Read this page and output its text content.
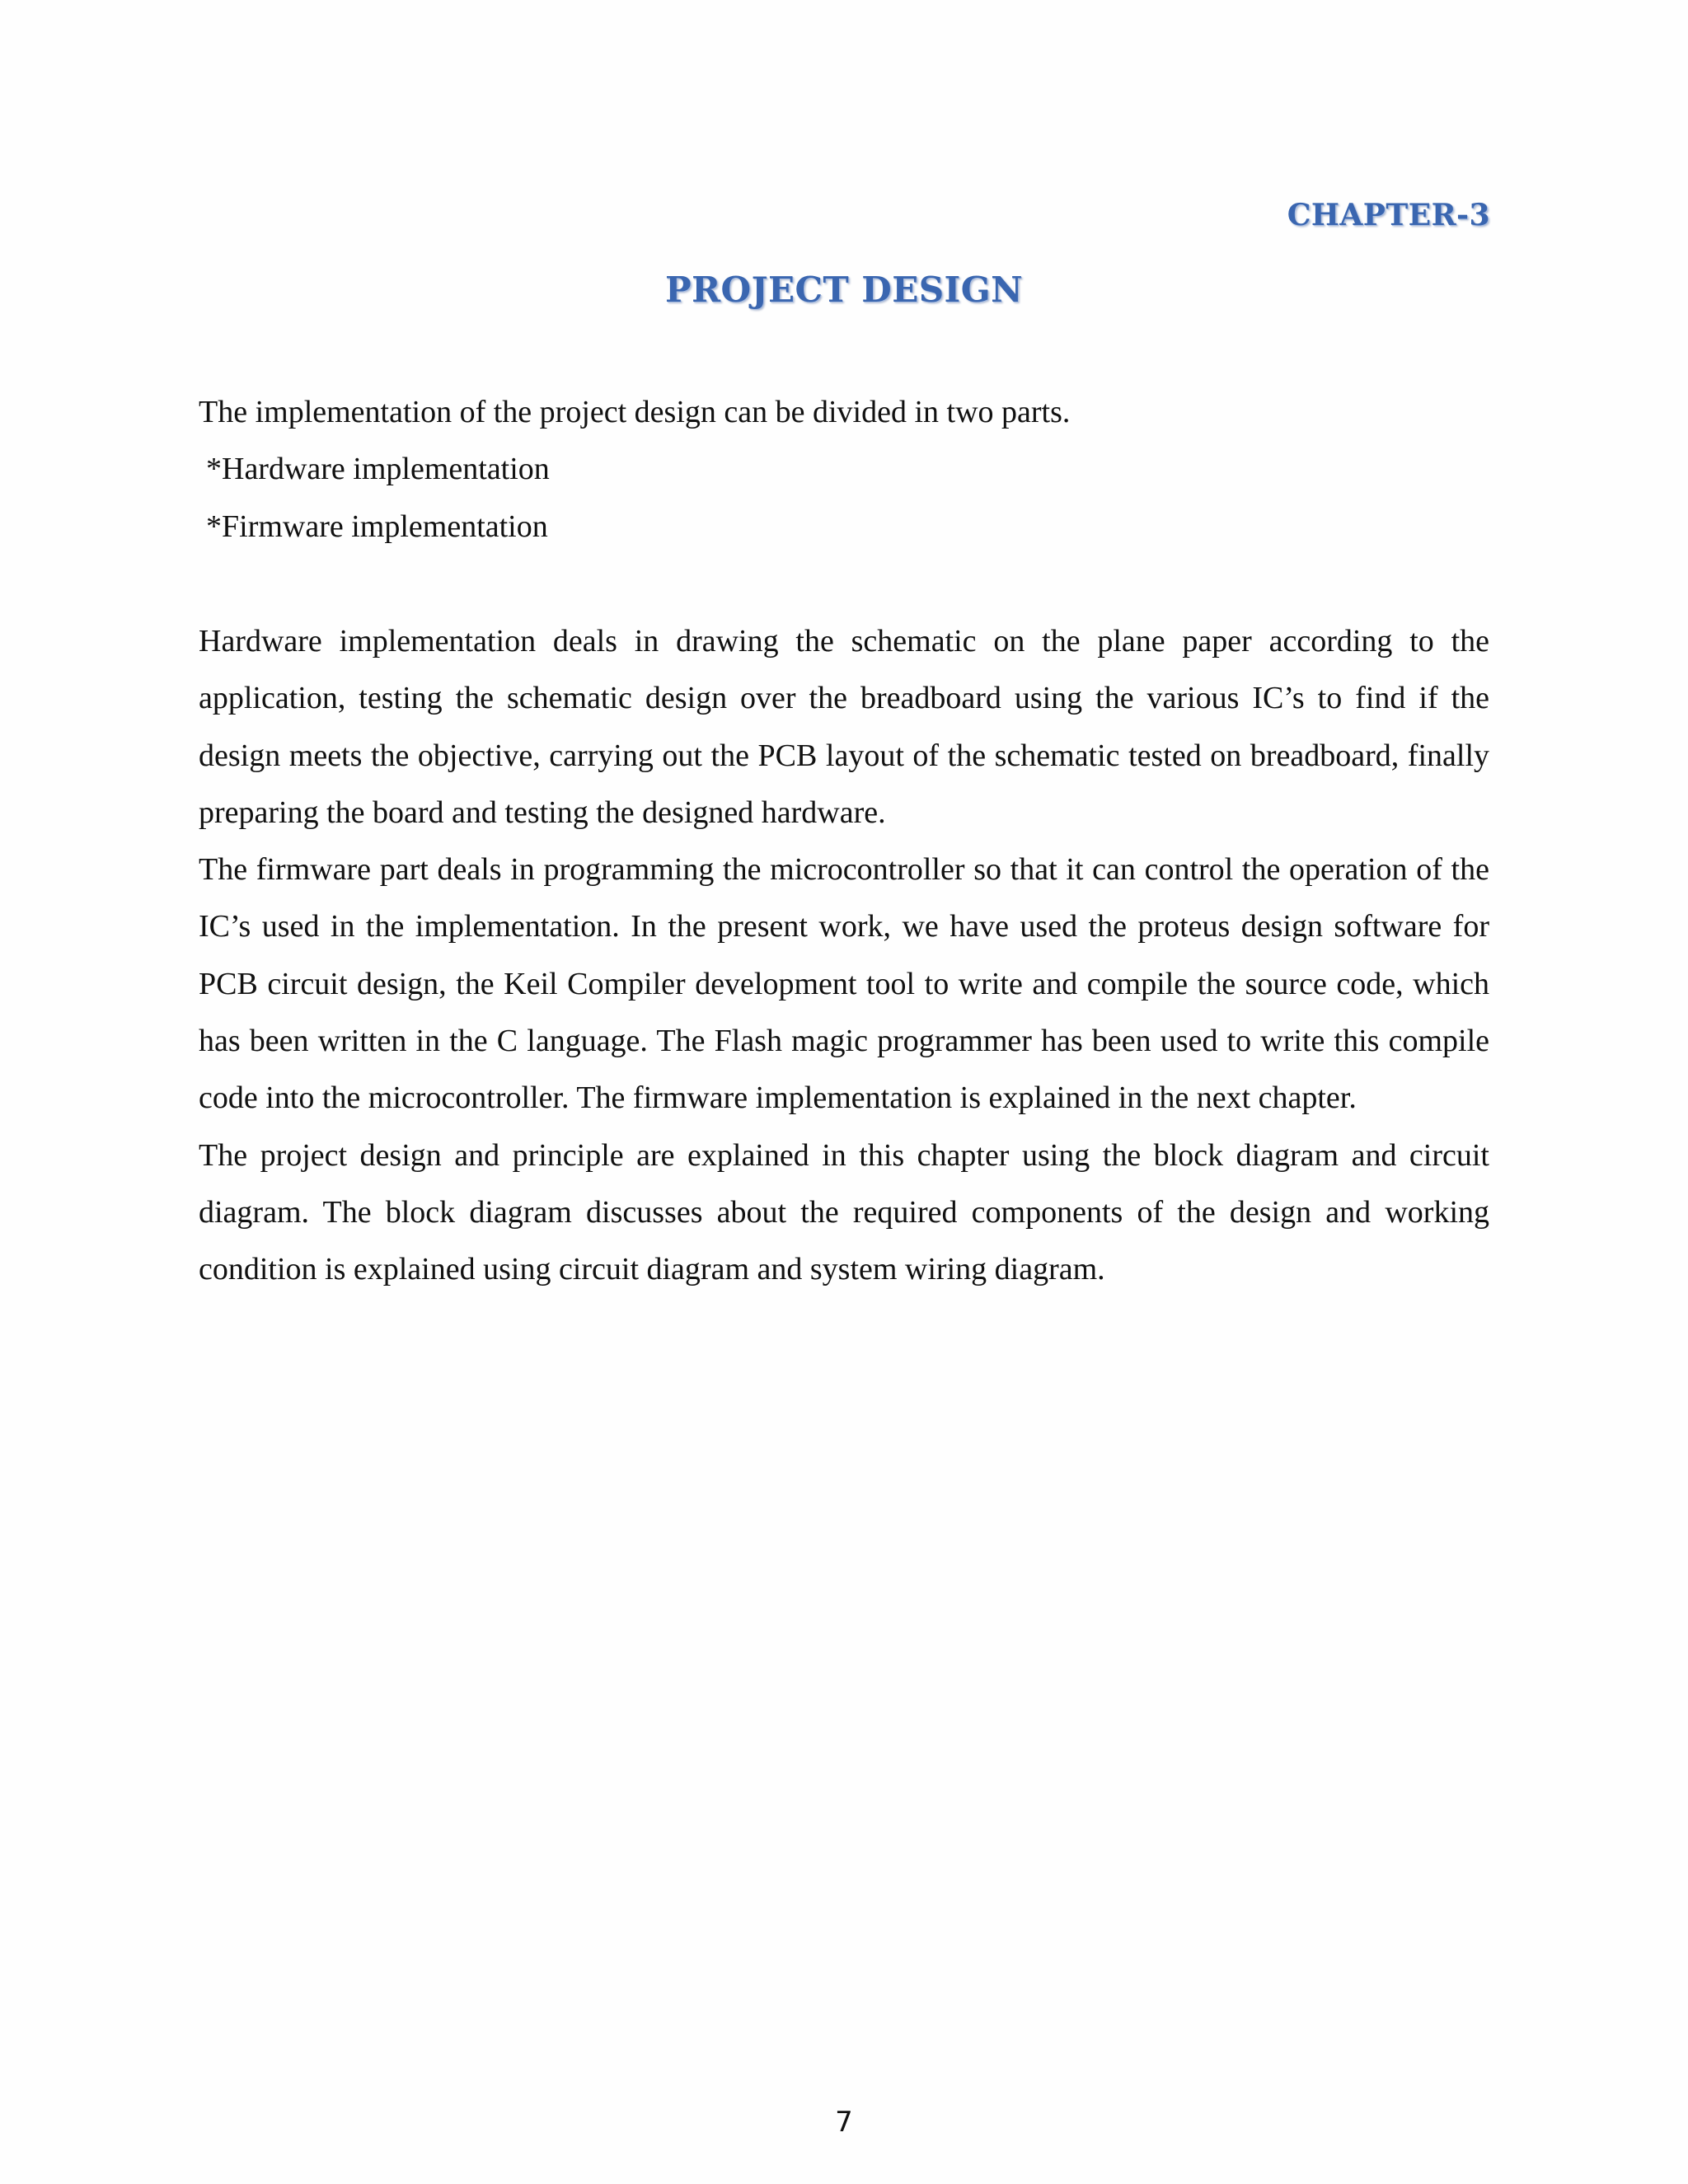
CHAPTER-3
PROJECT DESIGN
The implementation of the project design can be divided in two parts.
*Hardware implementation
*Firmware implementation

Hardware implementation deals in drawing the schematic on the plane paper according to the application, testing the schematic design over the breadboard using the various IC’s to find if the design meets the objective, carrying out the PCB layout of the schematic tested on breadboard, finally preparing the board and testing the designed hardware.

The firmware part deals in programming the microcontroller so that it can control the operation of the IC’s used in the implementation. In the present work, we have used the proteus design software for PCB circuit design, the Keil Compiler development tool to write and compile the source code, which has been written in the C language. The Flash magic programmer has been used to write this compile code into the microcontroller. The firmware implementation is explained in the next chapter.

The project design and principle are explained in this chapter using the block diagram and circuit diagram. The block diagram discusses about the required components of the design and working condition is explained using circuit diagram and system wiring diagram.

7
